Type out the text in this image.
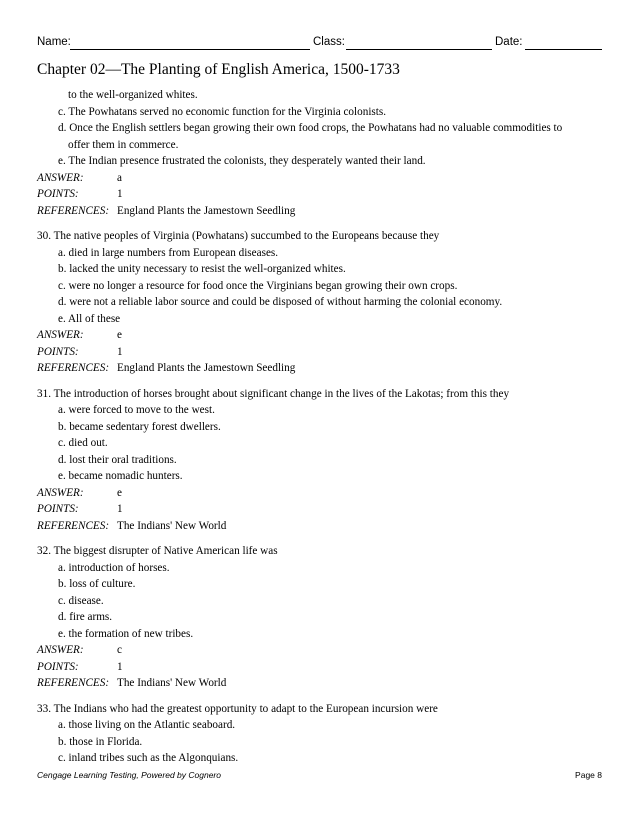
Name:	Class:	Date:
Chapter 02—The Planting of English America, 1500-1733
to the well-organized whites.
c. The Powhatans served no economic function for the Virginia colonists.
d. Once the English settlers began growing their own food crops, the Powhatans had no valuable commodities to
offer them in commerce.
e. The Indian presence frustrated the colonists, they desperately wanted their land.
ANSWER:	a
POINTS:	1
REFERENCES: England Plants the Jamestown Seedling
30. The native peoples of Virginia (Powhatans) succumbed to the Europeans because they
a. died in large numbers from European diseases.
b. lacked the unity necessary to resist the well-organized whites.
c. were no longer a resource for food once the Virginians began growing their own crops.
d. were not a reliable labor source and could be disposed of without harming the colonial economy.
e. All of these
ANSWER:	e
POINTS:	1
REFERENCES: England Plants the Jamestown Seedling
31. The introduction of horses brought about significant change in the lives of the Lakotas; from this they
a. were forced to move to the west.
b. became sedentary forest dwellers.
c. died out.
d. lost their oral traditions.
e. became nomadic hunters.
ANSWER:	e
POINTS:	1
REFERENCES: The Indians' New World
32. The biggest disrupter of Native American life was
a. introduction of horses.
b. loss of culture.
c. disease.
d. fire arms.
e. the formation of new tribes.
ANSWER:	c
POINTS:	1
REFERENCES: The Indians' New World
33. The Indians who had the greatest opportunity to adapt to the European incursion were
a. those living on the Atlantic seaboard.
b. those in Florida.
c. inland tribes such as the Algonquians.
Cengage Learning Testing, Powered by Cognero	Page 8
